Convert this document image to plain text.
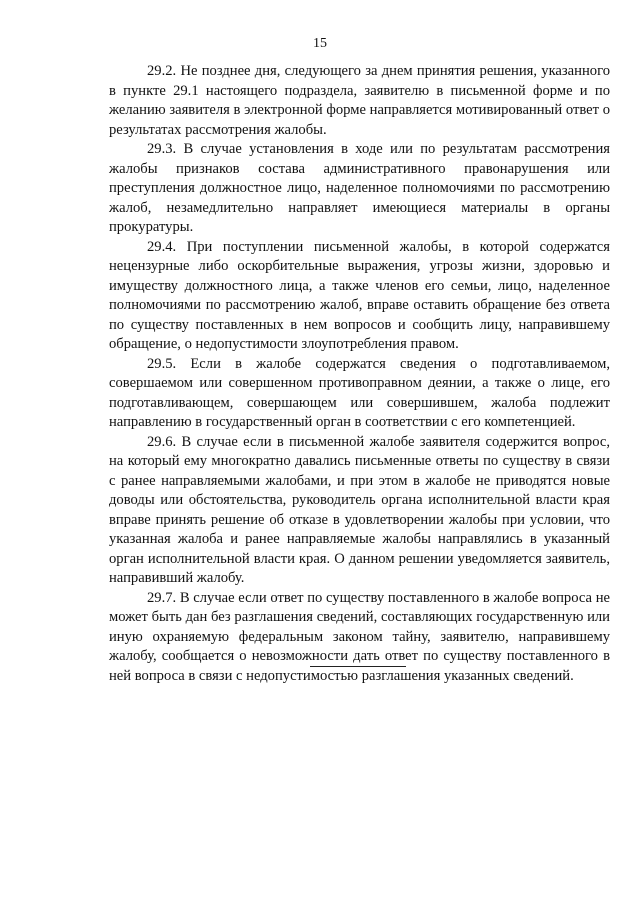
15

29.2. Не позднее дня, следующего за днем принятия решения, указанного в пункте 29.1 настоящего подраздела, заявителю в письменной форме и по желанию заявителя в электронной форме направляется мотивированный ответ о результатах рассмотрения жалобы.

29.3. В случае установления в ходе или по результатам рассмотрения жалобы признаков состава административного правонарушения или преступления должностное лицо, наделенное полномочиями по рассмотрению жалоб, незамедлительно направляет имеющиеся материалы в органы прокуратуры.

29.4. При поступлении письменной жалобы, в которой содержатся нецензурные либо оскорбительные выражения, угрозы жизни, здоровью и имуществу должностного лица, а также членов его семьи, лицо, наделенное полномочиями по рассмотрению жалоб, вправе оставить обращение без ответа по существу поставленных в нем вопросов и сообщить лицу, направившему обращение, о недопустимости злоупотребления правом.

29.5. Если в жалобе содержатся сведения о подготавливаемом, совершаемом или совершенном противоправном деянии, а также о лице, его подготавливающем, совершающем или совершившем, жалоба подлежит направлению в государственный орган в соответствии с его компетенцией.

29.6. В случае если в письменной жалобе заявителя содержится вопрос, на который ему многократно давались письменные ответы по существу в связи с ранее направляемыми жалобами, и при этом в жалобе не приводятся новые доводы или обстоятельства, руководитель органа исполнительной власти края вправе принять решение об отказе в удовлетворении жалобы при условии, что указанная жалоба и ранее направляемые жалобы направлялись в указанный орган исполнительной власти края. О данном решении уведомляется заявитель, направивший жалобу.

29.7. В случае если ответ по существу поставленного в жалобе вопроса не может быть дан без разглашения сведений, составляющих государственную или иную охраняемую федеральным законом тайну, заявителю, направившему жалобу, сообщается о невозможности дать ответ по существу поставленного в ней вопроса в связи с недопустимостью разглашения указанных сведений.
